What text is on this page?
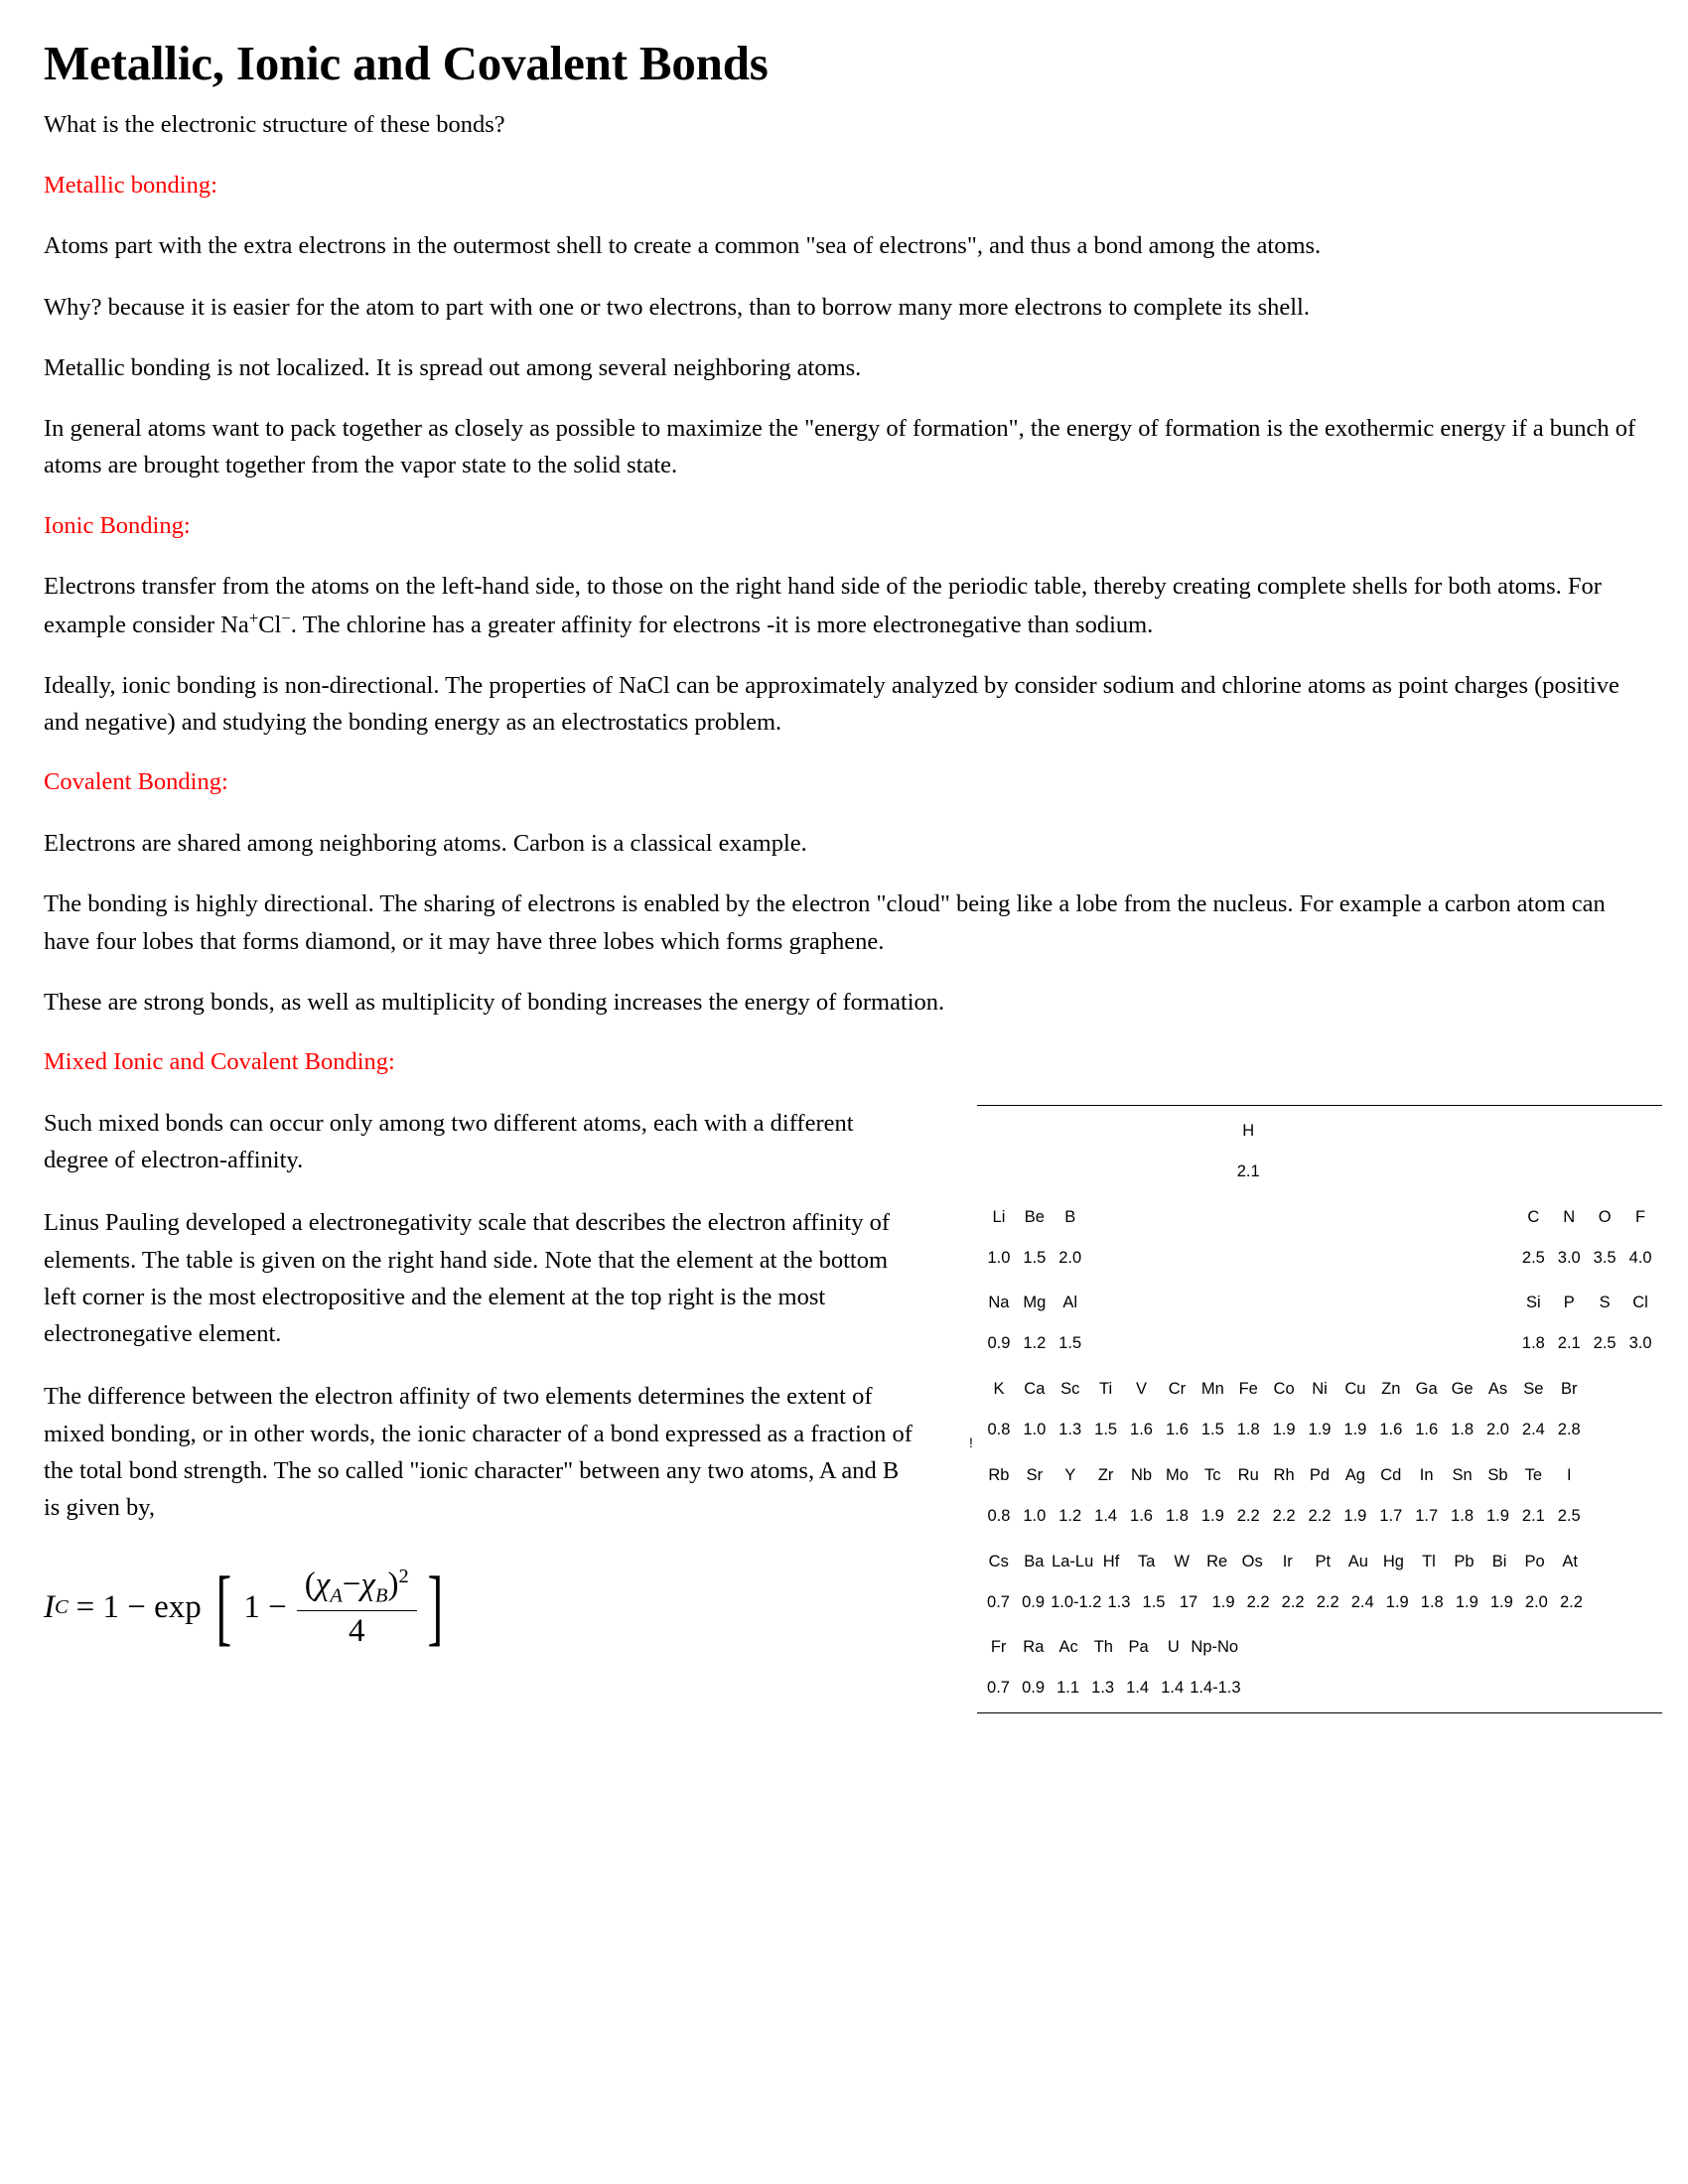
Metallic, Ionic and Covalent Bonds

What is the electronic structure of these bonds?

Metallic bonding:

Atoms part with the extra electrons in the outermost shell to create a common "sea of electrons", and thus a bond among the atoms.

Why? because it is easier for the atom to part with one or two electrons, than to borrow many more electrons to complete its shell.

Metallic bonding is not localized. It is spread out among several neighboring atoms.

In general atoms want to pack together as closely as possible to maximize the "energy of formation", the energy of formation is the exothermic energy if a bunch of atoms are brought together from the vapor state to the solid state.

Ionic Bonding:

Electrons transfer from the atoms on the left-hand side, to those on the right hand side of the periodic table, thereby creating complete shells for both atoms. For example consider Na+Cl−. The chlorine has a greater affinity for electrons -it is more electronegative than sodium.

Ideally, ionic bonding is non-directional. The properties of NaCl can be approximately analyzed by consider sodium and chlorine atoms as point charges (positive and negative) and studying the bonding energy as an electrostatics problem.

Covalent Bonding:

Electrons are shared among neighboring atoms. Carbon is a classical example.

The bonding is highly directional. The sharing of electrons is enabled by the electron "cloud" being like a lobe from the nucleus. For example a carbon atom can have four lobes that forms diamond, or it may have three lobes which forms graphene.

These are strong bonds, as well as multiplicity of bonding increases the energy of formation.

Mixed Ionic and Covalent Bonding:

Such mixed bonds can occur only among two different atoms, each with a different degree of electron-affinity.

Linus Pauling developed a electronegativity scale that describes the electron affinity of elements. The table is given on the right hand side. Note that the element at the bottom left corner is the most electropositive and the element at the top right is the most electronegative element.

The difference between the electron affinity of two elements determines the extent of mixed bonding, or in other words, the ionic character of a bond expressed as a fraction of the total bond strength. The so called "ionic character" between any two atoms, A and B is given by,

H
2.1
Li	Be	B	C	N	O	F
1.0 1.5 2.0	2.5 3.0 3.5 4.0
Na Mg	Al	Si	P	S	Cl
0.9 1.2 1.5	1.8 2.1 2.5 3.0
K	Ca Sc	Ti	V	Cr Mn Fe Co	Ni	Cu Zn Ga Ge As Se	Br
0.8 1.0 1.3 1.5 1.6 1.6 1.5 1.8 1.9 1.9 1.9 1.6 1.6 1.8 2.0 2.4 2.8
Rb	Sr	Y	Zr	Nb Mo Tc	Ru Rh Pd Ag Cd	In	Sn Sb	Te	I
0.8 1.0 1.2 1.4 1.6 1.8 1.9 2.2 2.2 2.2 1.9 1.7 1.7 1.8 1.9 2.1 2.5
Cs Ba La-Lu Hf	Ta	W	Re Os	Ir	Pt	Au Hg	Tl	Pb	Bi	Po	At
0.7 0.9 1.0-1.2 1.3 1.5 17 1.9 2.2 2.2 2.2 2.4 1.9 1.8 1.9 1.9 2.0 2.2
Fr	Ra Ac Th Pa	U Np-No
0.7 0.9 1.1 1.3 1.4 1.4 1.4-1.3
!
I C = 1 − exp [ $1 - \frac{(\chi_A-\chi_B)^2}{4}$ ]
